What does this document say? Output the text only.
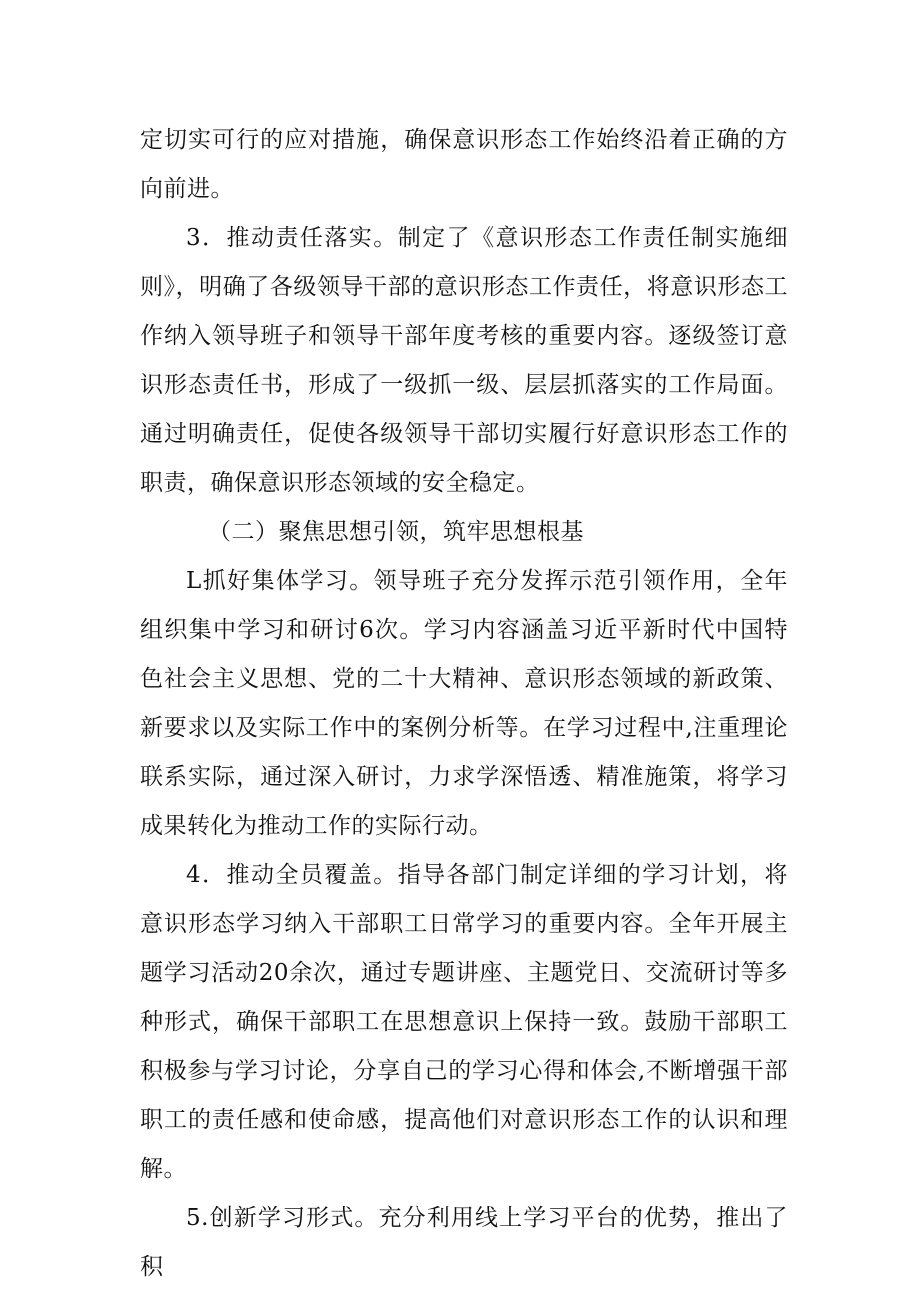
定切实可行的应对措施，确保意识形态工作始终沿着正确的方向前进。

3．推动责任落实。制定了《意识形态工作责任制实施细则》，明确了各级领导干部的意识形态工作责任，将意识形态工作纳入领导班子和领导干部年度考核的重要内容。逐级签订意识形态责任书，形成了一级抓一级、层层抓落实的工作局面。通过明确责任，促使各级领导干部切实履行好意识形态工作的职责，确保意识形态领域的安全稳定。

（二）聚焦思想引领，筑牢思想根基

L抓好集体学习。领导班子充分发挥示范引领作用，全年组织集中学习和研讨6次。学习内容涵盖习近平新时代中国特色社会主义思想、党的二十大精神、意识形态领域的新政策、新要求以及实际工作中的案例分析等。在学习过程中,注重理论联系实际，通过深入研讨，力求学深悟透、精准施策，将学习成果转化为推动工作的实际行动。

4．推动全员覆盖。指导各部门制定详细的学习计划，将意识形态学习纳入干部职工日常学习的重要内容。全年开展主题学习活动20余次，通过专题讲座、主题党日、交流研讨等多种形式，确保干部职工在思想意识上保持一致。鼓励干部职工积极参与学习讨论，分享自己的学习心得和体会,不断增强干部职工的责任感和使命感，提高他们对意识形态工作的认识和理解。

5.创新学习形式。充分利用线上学习平台的优势，推出了积
